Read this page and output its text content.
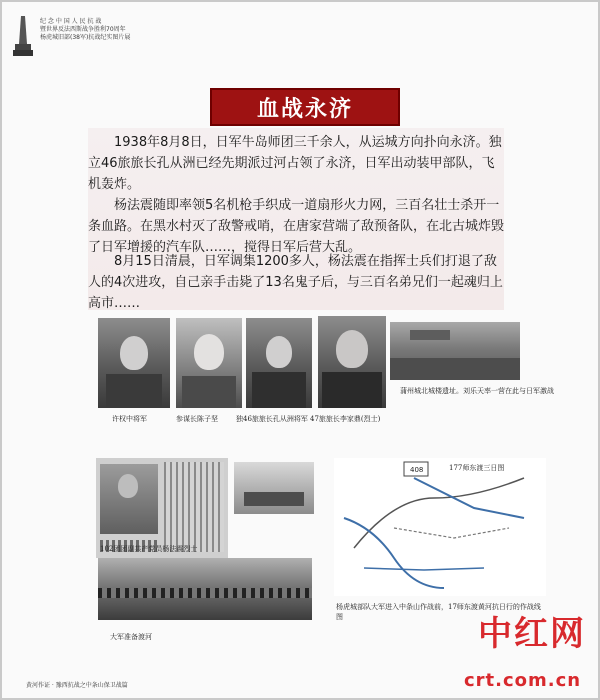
纪 念 中 国 人 民 抗 战
暨世界反法西斯战争胜利70周年
杨虎城旧部(38军)抗战纪实图片展
血战永济
1938年8月8日，日军牛岛师团三千余人，从运城方向扑向永济。独立46旅旅长孔从洲已经先期派过河占领了永济，日军出动装甲部队，飞机轰炸。
杨法震随即率领5名机枪手织成一道扇形火力网，三百名壮士杀开一条血路。在黑水村灭了敌警戒哨，在唐家营端了敌预备队，在北古城炸毁了日军增援的汽车队……，搅得日军后营大乱。
8月15日清晨，日军调集1200多人，杨法震在指挥士兵们打退了敌人的4次进攻，自己亲手击毙了13名鬼子后，与三百名弟兄们一起魂归上高市……
许权中将军	参谋长陈子坚	独46旅旅长孔从洲将军 47旅旅长李家鼎(烈士)
蒲州城北城楼遗址。刘乐天率一营在此与日军激战
102团团副共产党员杨法震烈士
大军准备渡河
408	177师东渡三日图
杨虎城部队大军进入中条山作战前，17师东渡黄河抗日行的作战线图	中红网
crt.com.cn
黄河作证 · 豫西抗战之中条山保卫战篇
